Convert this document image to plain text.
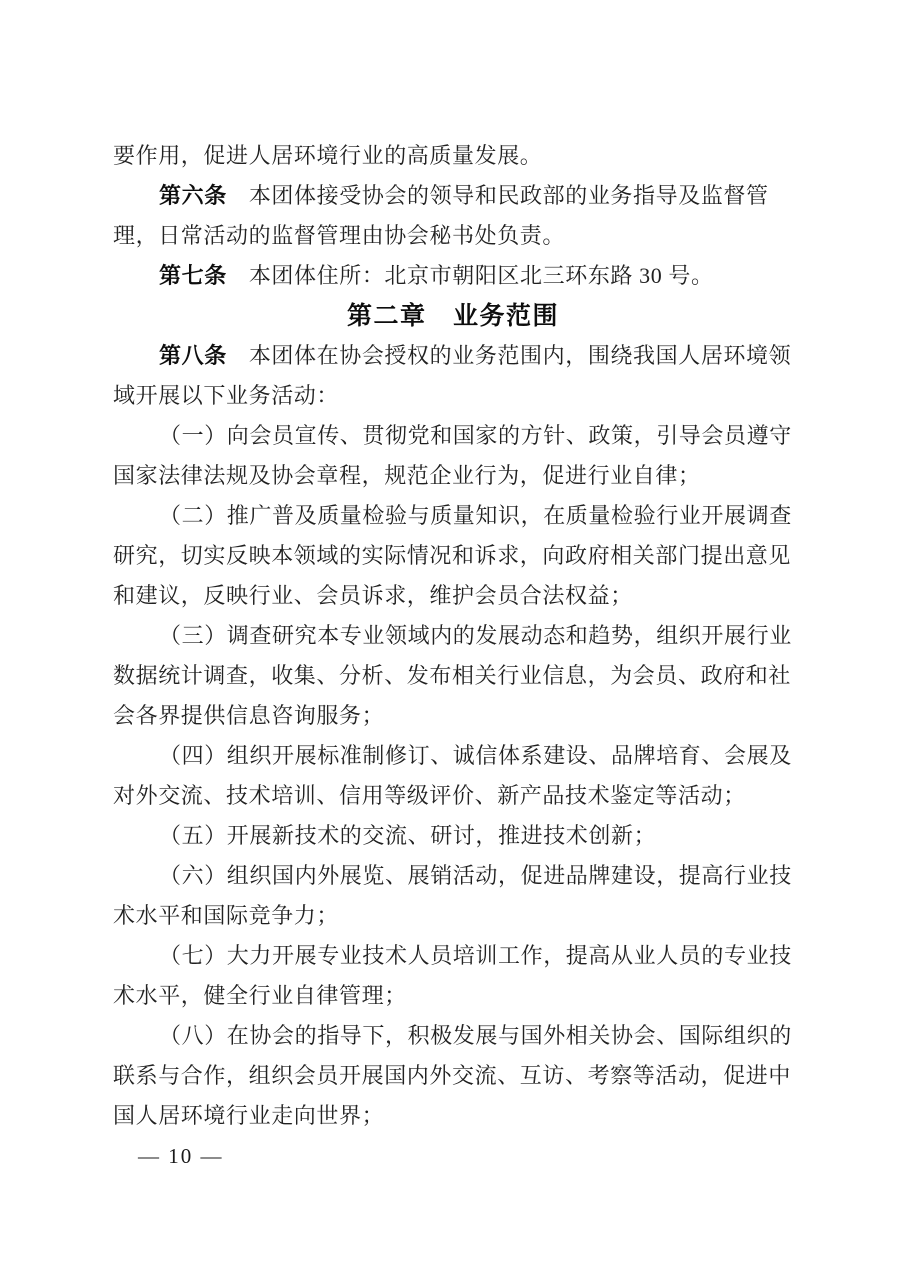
要作用，促进人居环境行业的高质量发展。
第六条 本团体接受协会的领导和民政部的业务指导及监督管
理，日常活动的监督管理由协会秘书处负责。
第七条 本团体住所：北京市朝阳区北三环东路 30 号。
第二章　业务范围
第八条 本团体在协会授权的业务范围内，围绕我国人居环境领
域开展以下业务活动：
（一）向会员宣传、贯彻党和国家的方针、政策，引导会员遵守
国家法律法规及协会章程，规范企业行为，促进行业自律；
（二）推广普及质量检验与质量知识，在质量检验行业开展调查
研究，切实反映本领域的实际情况和诉求，向政府相关部门提出意见
和建议，反映行业、会员诉求，维护会员合法权益；
（三）调查研究本专业领域内的发展动态和趋势，组织开展行业
数据统计调查，收集、分析、发布相关行业信息，为会员、政府和社
会各界提供信息咨询服务；
（四）组织开展标准制修订、诚信体系建设、品牌培育、会展及
对外交流、技术培训、信用等级评价、新产品技术鉴定等活动；
（五）开展新技术的交流、研讨，推进技术创新；
（六）组织国内外展览、展销活动，促进品牌建设，提高行业技
术水平和国际竞争力；
（七）大力开展专业技术人员培训工作，提高从业人员的专业技
术水平，健全行业自律管理；
（八）在协会的指导下，积极发展与国外相关协会、国际组织的
联系与合作，组织会员开展国内外交流、互访、考察等活动，促进中
国人居环境行业走向世界；
— 10 —
